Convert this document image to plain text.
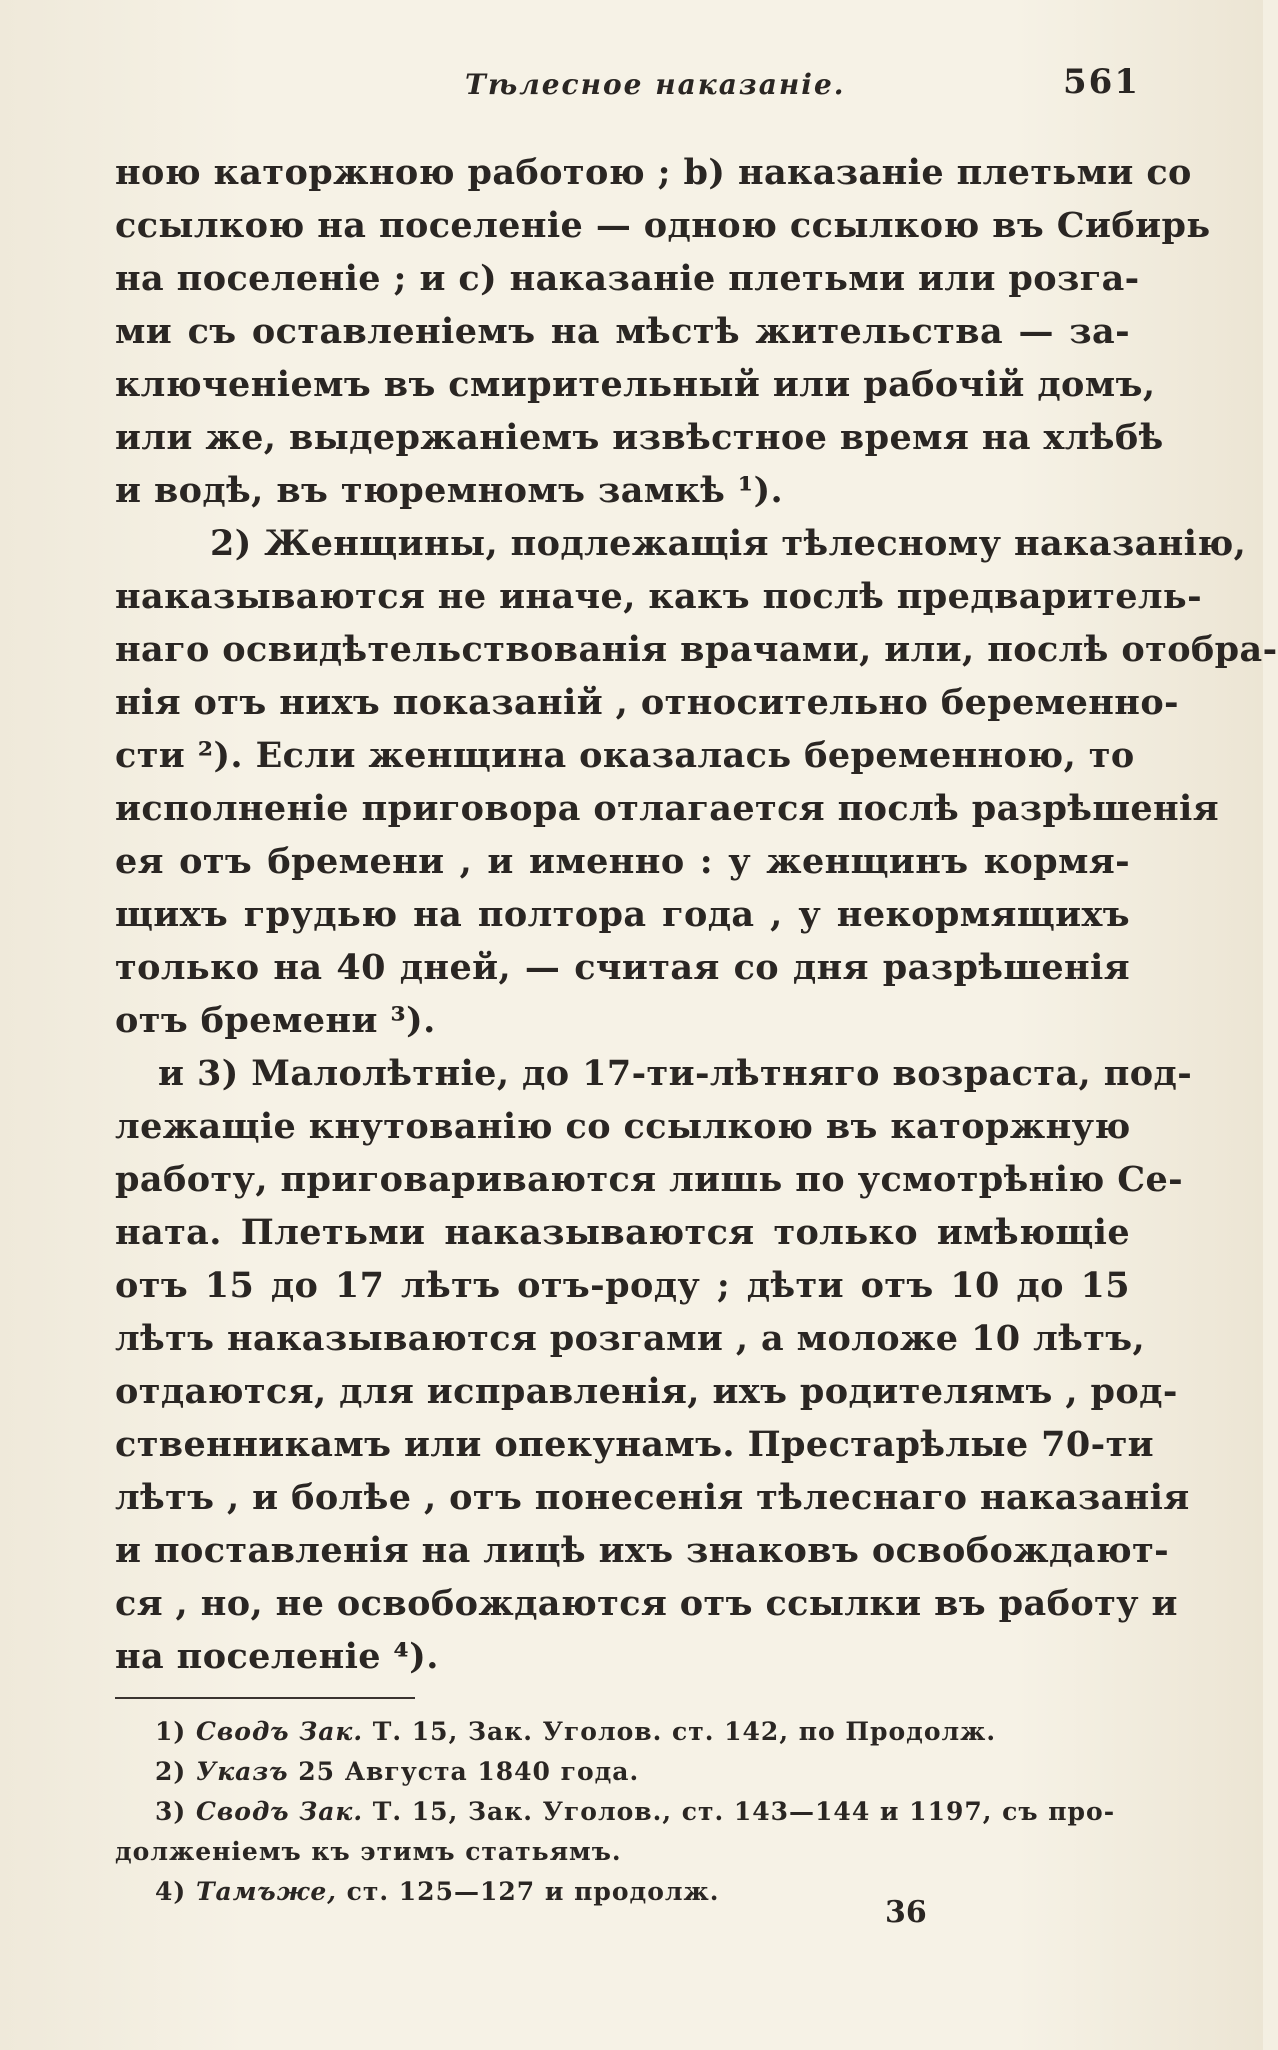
Тѣлесное наказаніе.	561
ною каторжною работою ; b) наказаніе плетьми со
ссылкою на поселеніе — одною ссылкою въ Сибирь
на поселеніе ; и c) наказаніе плетьми или розга-
ми съ оставленіемъ на мѣстѣ жительства — за-
ключеніемъ въ смирительный или рабочій домъ,
или же, выдержаніемъ извѣстное время на хлѣбѣ
и водѣ, въ тюремномъ замкѣ ¹).
2) Женщины, подлежащія тѣлесному наказанію,
наказываются не иначе, какъ послѣ предваритель-
наго освидѣтельствованія врачами, или, послѣ отобра-
нія отъ нихъ показаній , относительно беременно-
сти ²). Если женщина оказалась беременною, то
исполненіе приговора отлагается послѣ разрѣшенія
ея отъ бремени , и именно : у женщинъ кормя-
щихъ грудью на полтора года , у некормящихъ
только на 40 дней, — считая со дня разрѣшенія
отъ бремени ³).
и 3) Малолѣтніе, до 17-ти-лѣтняго возраста, под-
лежащіе кнутованію со ссылкою въ каторжную
работу, приговариваются лишь по усмотрѣнію Се-
ната. Плетьми наказываются только имѣющіе
отъ 15 до 17 лѣтъ отъ-роду ; дѣти отъ 10 до 15
лѣтъ наказываются розгами , а моложе 10 лѣтъ,
отдаются, для исправленія, ихъ родителямъ , род-
ственникамъ или опекунамъ. Престарѣлые 70-ти
лѣтъ , и болѣе , отъ понесенія тѣлеснаго наказанія
и поставленія на лицѣ ихъ знаковъ освобождают-
ся , но, не освобождаются отъ ссылки въ работу и
на поселеніе ⁴).
1) Сводъ Зак. Т. 15, Зак. Уголов. ст. 142, по Продолж.
2) Указъ 25 Августа 1840 года.
3) Сводъ Зак. Т. 15, Зак. Уголов., ст. 143—144 и 1197, съ про-
долженіемъ къ этимъ статьямъ.
4) Тамъже, ст. 125—127 и продолж.
36
